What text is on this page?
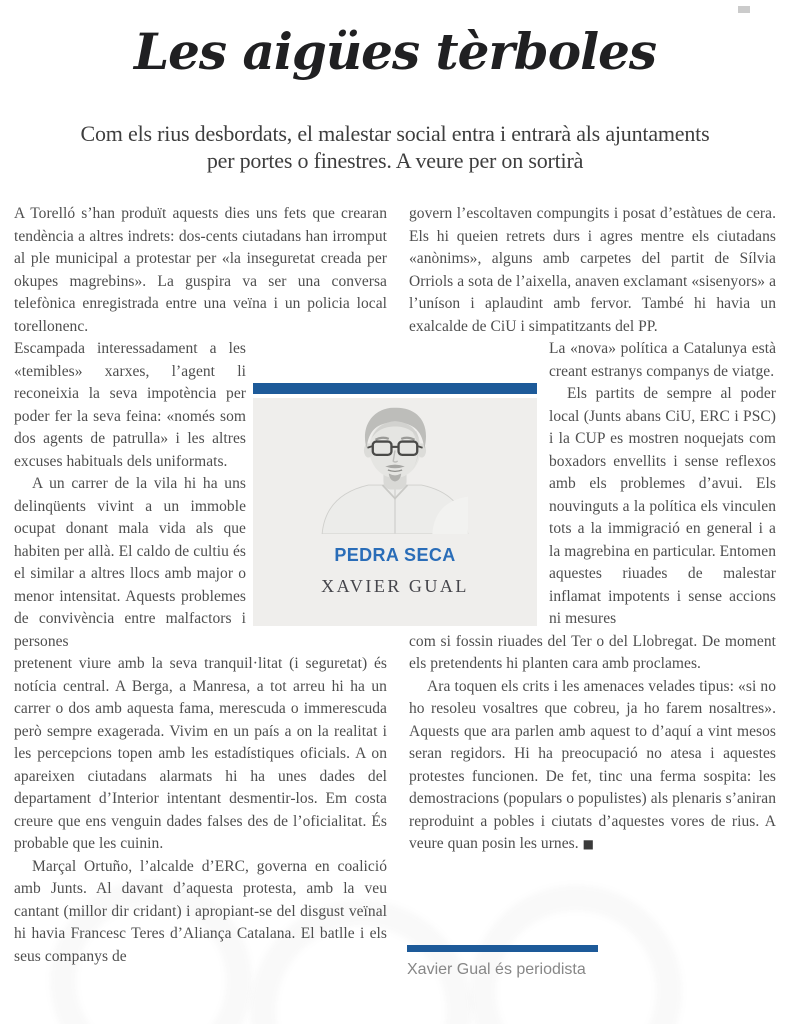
Les aigües tèrboles

Com els rius desbordats, el malestar social entra i entrarà als ajuntaments per portes o finestres. A veure per on sortirà

PEDRA SECA
XAVIER GUAL

A Torelló s’han produït aquests dies uns fets que crearan tendència a altres indrets: dos-cents ciutadans han irromput al ple municipal a protestar per «la inseguretat creada per okupes magrebins». La guspira va ser una conversa telefònica enregistrada entre una veïna i un policia local torellonenc.

Escampada interessadament a les «temibles» xarxes, l’agent li reconeixia la seva impotència per poder fer la seva feina: «només som dos agents de patrulla» i les altres excuses habituals dels uniformats.

A un carrer de la vila hi ha uns delinqüents vivint a un immoble ocupat donant mala vida als que habiten per allà. El caldo de cultiu és el similar a altres llocs amb major o menor intensitat. Aquests problemes de convivència entre malfactors i persones

pretenent viure amb la seva tranquil·litat (i seguretat) és notícia central. A Berga, a Manresa, a tot arreu hi ha un carrer o dos amb aquesta fama, merescuda o immerescuda però sempre exagerada. Vivim en un país a on la realitat i les percepcions topen amb les estadístiques oficials. A on apareixen ciutadans alarmats hi ha unes dades del departament d’Interior intentant desmentir-los. Em costa creure que ens venguin dades falses des de l’oficialitat. És probable que les cuinin.

Marçal Ortuño, l’alcalde d’ERC, governa en coalició amb Junts. Al davant d’aquesta protesta, amb la veu cantant (millor dir cridant) i apropiant-se del disgust veïnal hi havia Francesc Teres d’Aliança Catalana. El batlle i els seus companys de

govern l’escoltaven compungits i posat d’estàtues de cera. Els hi queien retrets durs i agres mentre els ciutadans «anònims», alguns amb carpetes del partit de Sílvia Orriols a sota de l’aixella, anaven exclamant «sisenyors» a l’uníson i aplaudint amb fervor. També hi havia un exalcalde de CiU i simpatitzants del PP.

La «nova» política a Catalunya està creant estranys companys de viatge.

Els partits de sempre al poder local (Junts abans CiU, ERC i PSC) i la CUP es mostren noquejats com boxadors envellits i sense reflexos amb els problemes d’avui. Els nouvinguts a la política els vinculen tots a la immigració en general i a la magrebina en particular. Entomen aquestes riuades de malestar inflamat impotents i sense accions ni mesures

com si fossin riuades del Ter o del Llobregat. De moment els pretendents hi planten cara amb proclames.

Ara toquen els crits i les amenaces velades tipus: «si no ho resoleu vosaltres que cobreu, ja ho farem nosaltres». Aquests que ara parlen amb aquest to d’aquí a vint mesos seran regidors. Hi ha preocupació no atesa i aquestes protestes funcionen. De fet, tinc una ferma sospita: les demostracions (populars o populistes) als plenaris s’aniran reproduint a pobles i ciutats d’aquestes vores de rius. A veure quan posin les urnes. ■

Xavier Gual és periodista
